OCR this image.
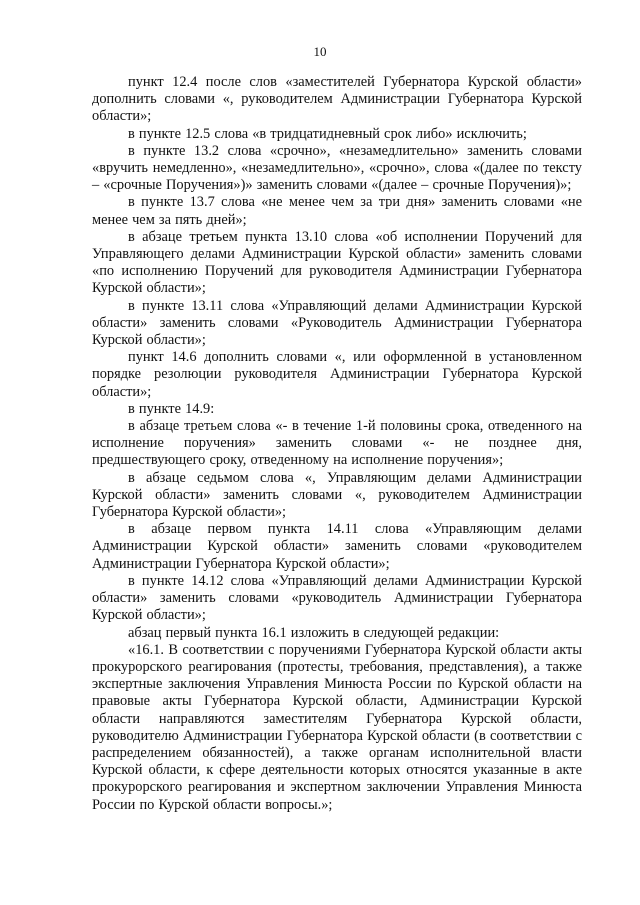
10

пункт 12.4 после слов «заместителей Губернатора Курской области» дополнить словами «, руководителем Администрации Губернатора Курской области»;

в пункте 12.5 слова «в тридцатидневный срок либо» исключить;

в пункте 13.2 слова «срочно», «незамедлительно» заменить словами «вручить немедленно», «незамедлительно», «срочно», слова «(далее по тексту – «срочные Поручения»)» заменить словами «(далее – срочные Поручения)»;

в пункте 13.7 слова «не менее чем за три дня» заменить словами «не менее чем за пять дней»;

в абзаце третьем пункта 13.10 слова «об исполнении Поручений для Управляющего делами Администрации Курской области» заменить словами «по исполнению Поручений для руководителя Администрации Губернатора Курской области»;

в пункте 13.11 слова «Управляющий делами Администрации Курской области» заменить словами «Руководитель Администрации Губернатора Курской области»;

пункт 14.6 дополнить словами «, или оформленной в установленном порядке резолюции руководителя Администрации Губернатора Курской области»;

в пункте 14.9:

в абзаце третьем слова «- в течение 1-й половины срока, отведенного на исполнение поручения» заменить словами «- не позднее дня, предшествующего сроку, отведенному на исполнение поручения»;

в абзаце седьмом слова «, Управляющим делами Администрации Курской области» заменить словами «, руководителем Администрации Губернатора Курской области»;

в абзаце первом пункта 14.11 слова «Управляющим делами Администрации Курской области» заменить словами «руководителем Администрации Губернатора Курской области»;

в пункте 14.12 слова «Управляющий делами Администрации Курской области» заменить словами «руководитель Администрации Губернатора Курской области»;

абзац первый пункта 16.1 изложить в следующей редакции:

«16.1. В соответствии с поручениями Губернатора Курской области акты прокурорского реагирования (протесты, требования, представления), а также экспертные заключения Управления Минюста России по Курской области на правовые акты Губернатора Курской области, Администрации Курской области направляются заместителям Губернатора Курской области, руководителю Администрации Губернатора Курской области (в соответствии с распределением обязанностей), а также органам исполнительной власти Курской области, к сфере деятельности которых относятся указанные в акте прокурорского реагирования и экспертном заключении Управления Минюста России по Курской области вопросы.»;
